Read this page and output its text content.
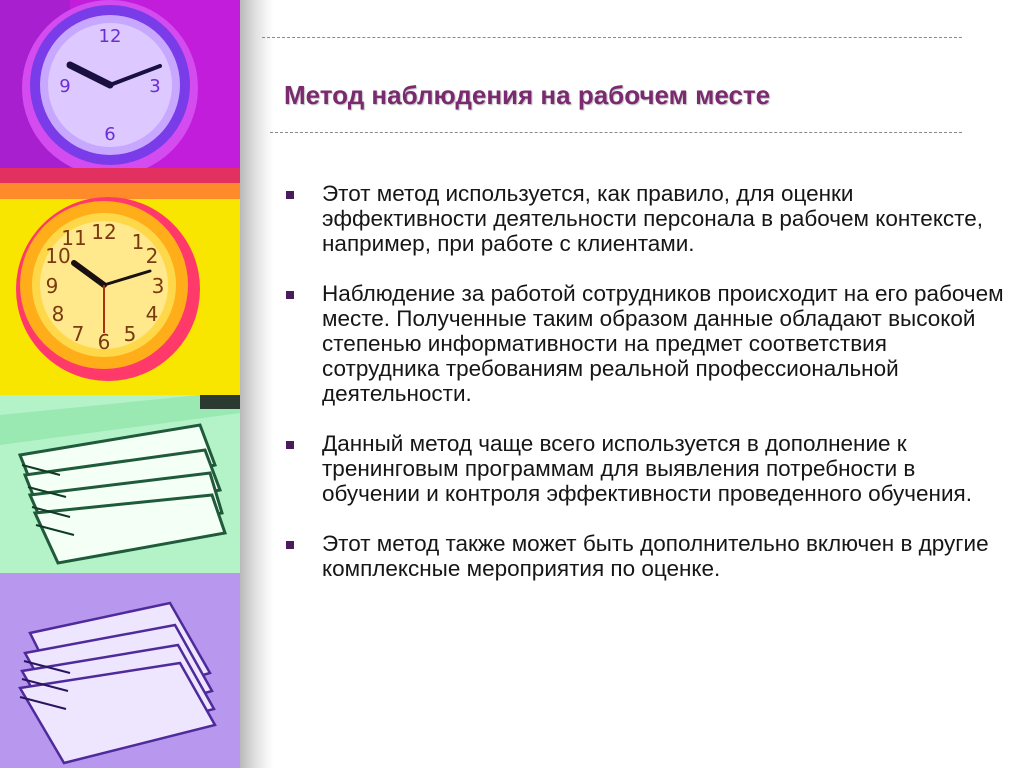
12
3
6
9
12 1
2
3
4
5
6
7
8
9
10
11
Метод наблюдения на рабочем месте
Этот метод используется, как правило, для оценки эффективности деятельности персонала в рабочем контексте, например, при работе с клиентами.
Наблюдение за работой сотрудников происходит на его рабочем месте. Полученные таким образом данные обладают высокой степенью информативности на предмет соответствия сотрудника требованиям реальной профессиональной деятельности.
Данный метод чаще всего используется в дополнение к тренинговым программам для выявления потребности в обучении и контроля эффективности проведенного обучения.
Этот метод также может быть дополнительно включен в другие комплексные мероприятия по оценке.
